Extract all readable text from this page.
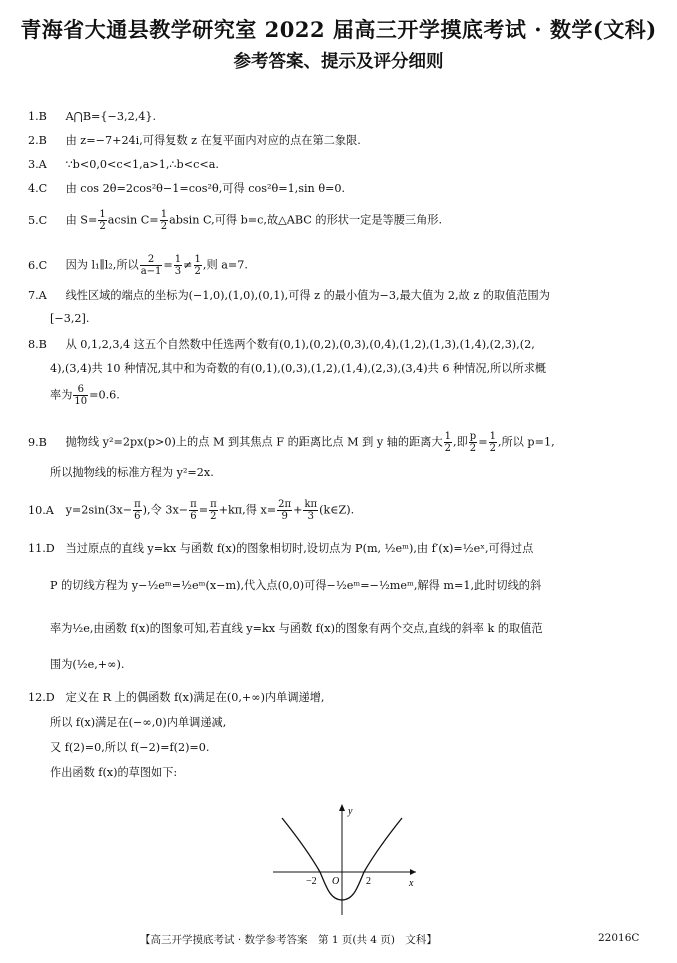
青海省大通县教学研究室 2022 届高三开学摸底考试 · 数学(文科)
参考答案、提示及评分细则
1.B A⋂B={−3,2,4}.
2.B 由 z=−7+24i,可得复数 z 在复平面内对应的点在第二象限.
3.A ∵b<0,0<c<1,a>1,∴b<c<a.
4.C 由 cos 2θ=2cos²θ−1=cos²θ,可得 cos²θ=1,sin θ=0.
5.C 由 $S= \frac{1}{2}$ acsin $C= \frac{1}{2}$ absin C,可得 b=c,故△ABC 的形状一定是等腰三角形.
6.C 因为 l₁∥l₂,所以 $\frac{2}{a-1} = \frac{1}{3} \ne \frac{1}{2}$ ,则 a=7.
7.A 线性区域的端点的坐标为(−1,0),(1,0),(0,1),可得 z 的最小值为−3,最大值为 2,故 z 的取值范围为
[−3,2].
8.B 从 0,1,2,3,4 这五个自然数中任选两个数有(0,1),(0,2),(0,3),(0,4),(1,2),(1,3),(1,4),(2,3),(2,
4),(3,4)共 10 种情况,其中和为奇数的有(0,1),(0,3),(1,2),(1,4),(2,3),(3,4)共 6 种情况,所以所求概
率为 $\frac{6}{10} =0.6$.
9.B 抛物线 y²=2px(p>0)上的点 M 到其焦点 F 的距离比点 M 到 y 轴的距离大 $\frac{1}{2}$ ,即 $\frac{p}{2} = \frac{1}{2}$ ,所以 p=1,
所以抛物线的标准方程为 y²=2x.
10.A $y=2\sin(3x- \frac{\pi}{6}$ ),令 $3x- \frac{\pi}{6} = \frac{\pi}{2} +k\pi$,得 $x= \frac{2\pi}{9} + \frac{k\pi}{3}$ (k∈Z).
11.D 当过原点的直线 y=kx 与函数 f(x)的图象相切时,设切点为 P(m, ½eᵐ),由 f′(x)=½eˣ,可得过点
P 的切线方程为 y−½eᵐ=½eᵐ(x−m),代入点(0,0)可得−½eᵐ=−½meᵐ,解得 m=1,此时切线的斜
率为½e,由函数 f(x)的图象可知,若直线 y=kx 与函数 f(x)的图象有两个交点,直线的斜率 k 的取值范
围为(½e,+∞).
12.D 定义在 R 上的偶函数 f(x)满足在(0,+∞)内单调递增,
所以 f(x)满足在(−∞,0)内单调递减,
又 f(2)=0,所以 f(−2)=f(2)=0.
作出函数 f(x)的草图如下:
y
x
O
−2	2
【高三开学摸底考试 · 数学参考答案　第 1 页(共 4 页)　文科】	22016C
